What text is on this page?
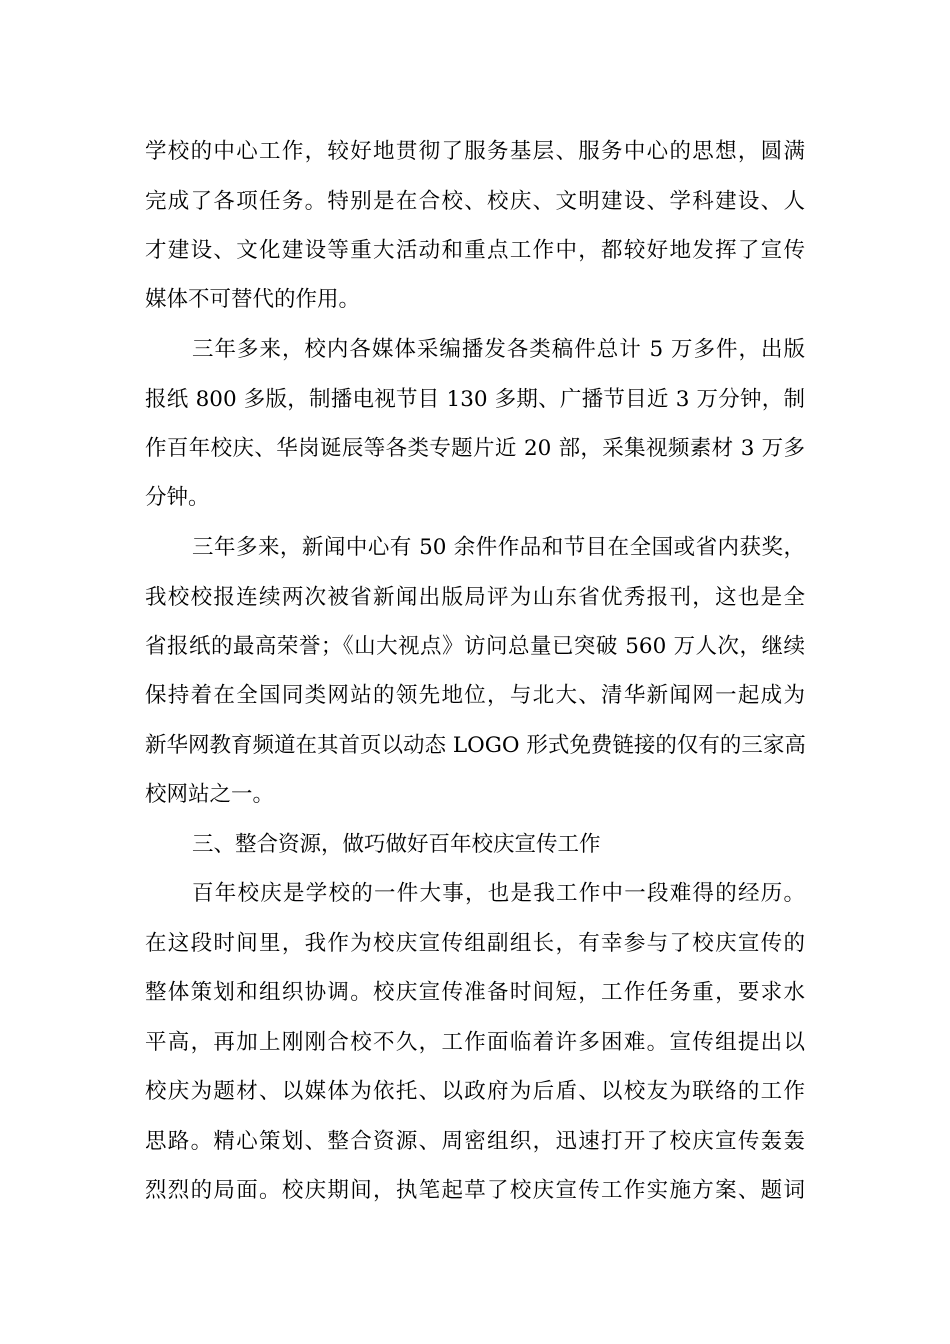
学校的中心工作，较好地贯彻了服务基层、服务中心的思想，圆满
完成了各项任务。特别是在合校、校庆、文明建设、学科建设、人
才建设、文化建设等重大活动和重点工作中，都较好地发挥了宣传
媒体不可替代的作用。
三年多来，校内各媒体采编播发各类稿件总计 5 万多件，出版
报纸 800 多版，制播电视节目 130 多期、广播节目近 3 万分钟，制
作百年校庆、华岗诞辰等各类专题片近 20 部，采集视频素材 3 万多
分钟。
三年多来，新闻中心有 50 余件作品和节目在全国或省内获奖，
我校校报连续两次被省新闻出版局评为山东省优秀报刊，这也是全
省报纸的最高荣誉；《山大视点》访问总量已突破 560 万人次，继续
保持着在全国同类网站的领先地位，与北大、清华新闻网一起成为
新华网教育频道在其首页以动态 LOGO 形式免费链接的仅有的三家高
校网站之一。
三、整合资源，做巧做好百年校庆宣传工作
百年校庆是学校的一件大事，也是我工作中一段难得的经历。
在这段时间里，我作为校庆宣传组副组长，有幸参与了校庆宣传的
整体策划和组织协调。校庆宣传准备时间短，工作任务重，要求水
平高，再加上刚刚合校不久，工作面临着许多困难。宣传组提出以
校庆为题材、以媒体为依托、以政府为后盾、以校友为联络的工作
思路。精心策划、整合资源、周密组织，迅速打开了校庆宣传轰轰
烈烈的局面。校庆期间，执笔起草了校庆宣传工作实施方案、题词
